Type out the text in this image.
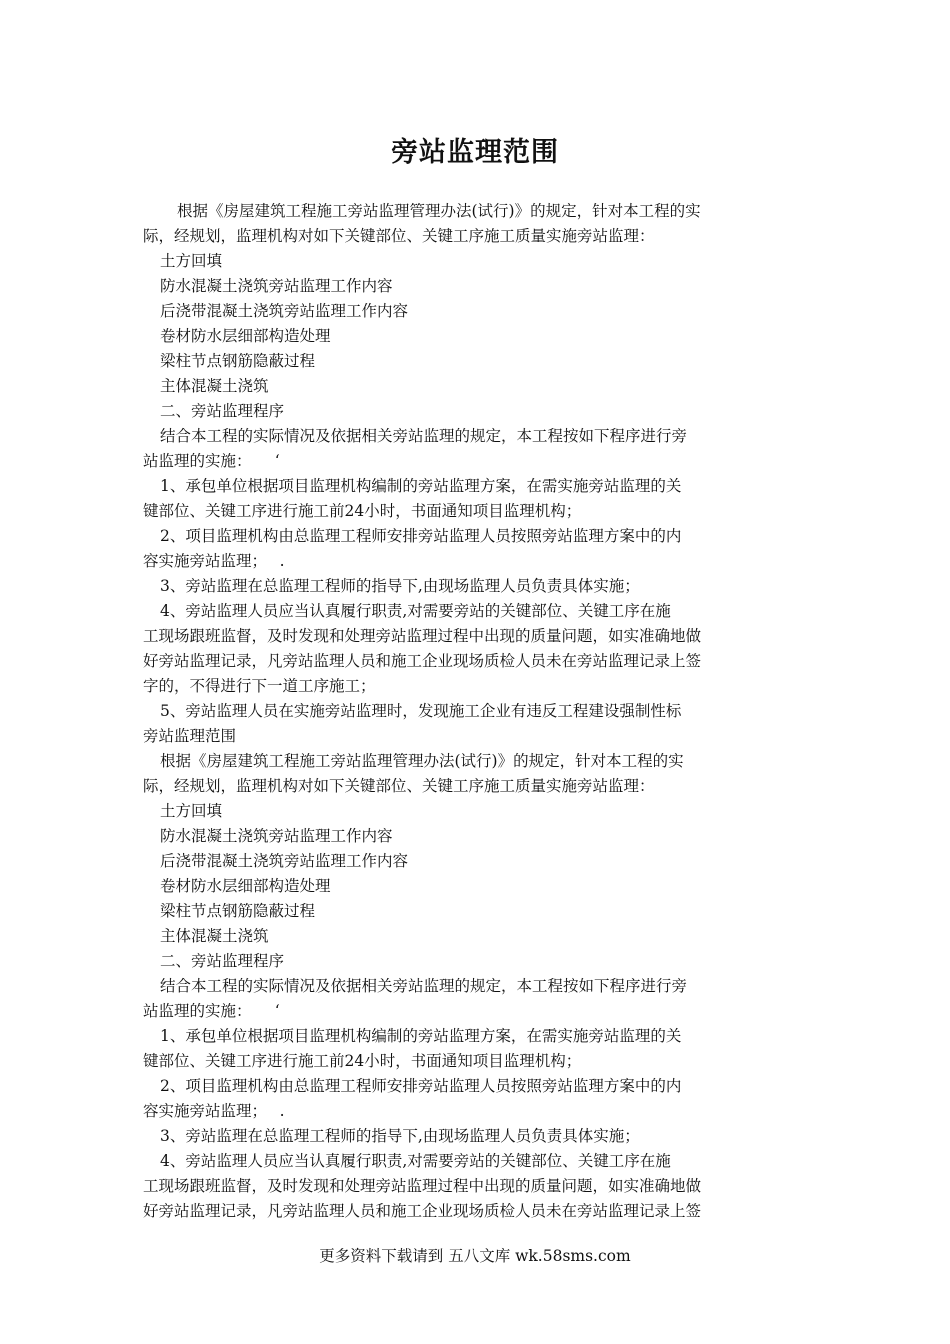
旁站监理范围
根据《房屋建筑工程施工旁站监理管理办法(试行)》的规定，针对本工程的实
际，经规划，监理机构对如下关键部位、关键工序施工质量实施旁站监理：
土方回填
防水混凝土浇筑旁站监理工作内容
后浇带混凝土浇筑旁站监理工作内容
卷材防水层细部构造处理
梁柱节点钢筋隐蔽过程
主体混凝土浇筑
二、旁站监理程序
结合本工程的实际情况及依据相关旁站监理的规定，本工程按如下程序进行旁
站监理的实施：　　‘
1、承包单位根据项目监理机构编制的旁站监理方案，在需实施旁站监理的关
键部位、关键工序进行施工前24小时，书面通知项目监理机构；
2、项目监理机构由总监理工程师安排旁站监理人员按照旁站监理方案中的内
容实施旁站监理；　 .
3、旁站监理在总监理工程师的指导下,由现场监理人员负责具体实施；
4、旁站监理人员应当认真履行职责,对需要旁站的关键部位、关键工序在施
工现场跟班监督，及时发现和处理旁站监理过程中出现的质量问题，如实准确地做
好旁站监理记录，凡旁站监理人员和施工企业现场质检人员未在旁站监理记录上签
字的，不得进行下一道工序施工；
5、旁站监理人员在实施旁站监理时，发现施工企业有违反工程建设强制性标
旁站监理范围
根据《房屋建筑工程施工旁站监理管理办法(试行)》的规定，针对本工程的实
际，经规划，监理机构对如下关键部位、关键工序施工质量实施旁站监理：
土方回填
防水混凝土浇筑旁站监理工作内容
后浇带混凝土浇筑旁站监理工作内容
卷材防水层细部构造处理
梁柱节点钢筋隐蔽过程
主体混凝土浇筑
二、旁站监理程序
结合本工程的实际情况及依据相关旁站监理的规定，本工程按如下程序进行旁
站监理的实施：　　‘
1、承包单位根据项目监理机构编制的旁站监理方案，在需实施旁站监理的关
键部位、关键工序进行施工前24小时，书面通知项目监理机构；
2、项目监理机构由总监理工程师安排旁站监理人员按照旁站监理方案中的内
容实施旁站监理；　 .
3、旁站监理在总监理工程师的指导下,由现场监理人员负责具体实施；
4、旁站监理人员应当认真履行职责,对需要旁站的关键部位、关键工序在施
工现场跟班监督，及时发现和处理旁站监理过程中出现的质量问题，如实准确地做
好旁站监理记录，凡旁站监理人员和施工企业现场质检人员未在旁站监理记录上签
更多资料下载请到 五八文库 wk.58sms.com
